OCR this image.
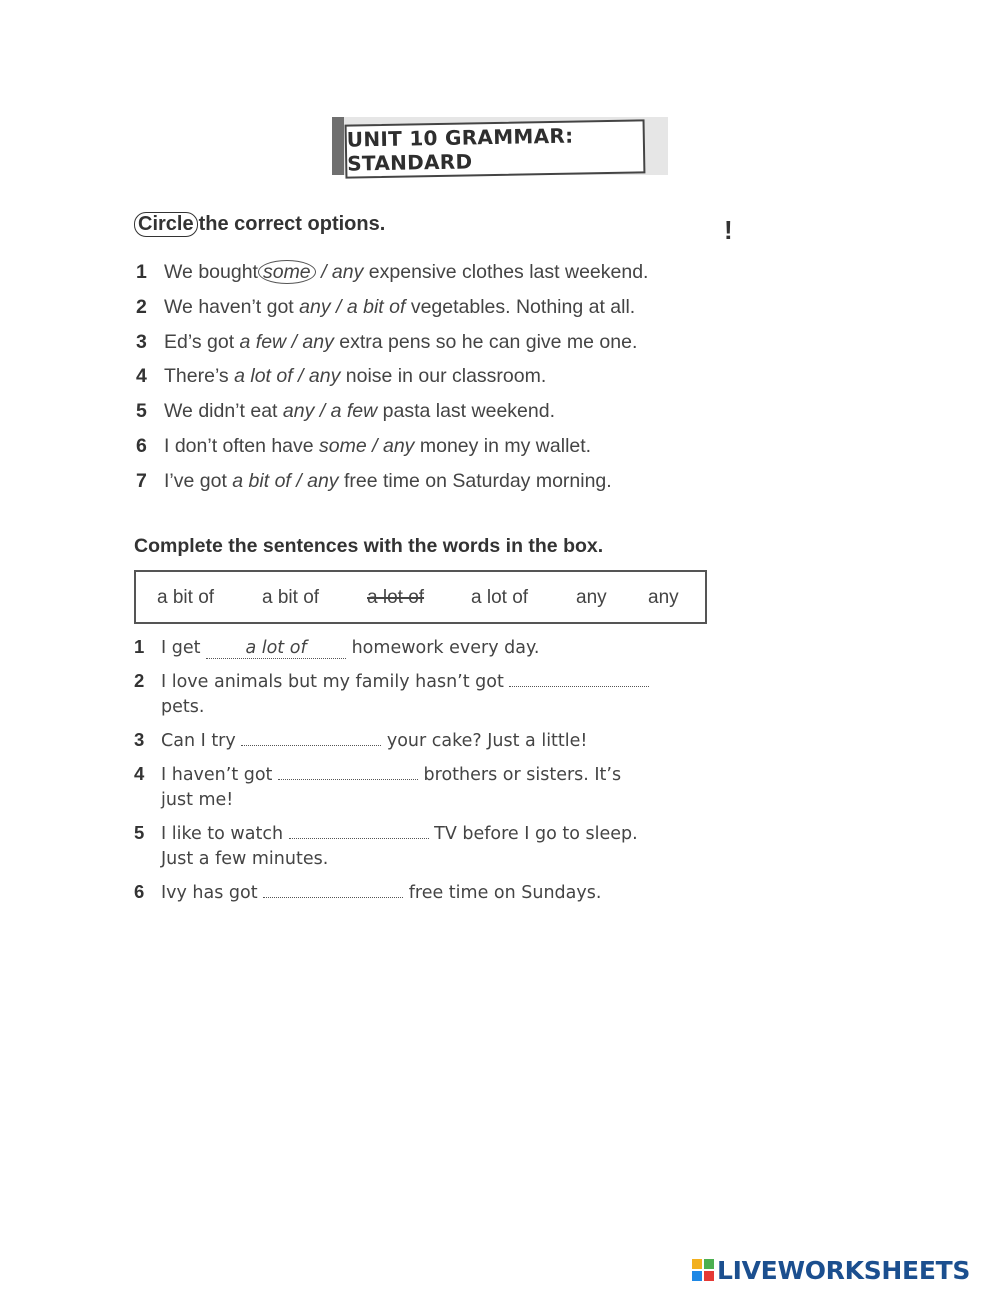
UNIT 10 GRAMMAR: STANDARD
Circle the correct options.	!
1 We bought some / any expensive clothes last weekend.
2 We haven’t got any / a bit of vegetables. Nothing at all.
3 Ed’s got a few / any extra pens so he can give me one.
4 There’s a lot of / any noise in our classroom.
5 We didn’t eat any / a few pasta last weekend.
6 I don’t often have some / any money in my wallet.
7 I’ve got a bit of / any free time on Saturday morning.
Complete the sentences with the words in the box.
a bit of	a bit of	a lot of a lot of	any any
1 I get a lot of homework every day.
2 I love animals but my family hasn’t got
pets.
3 Can I try	your cake? Just a little!
4 I haven’t got	brothers or sisters. It’s
just me!
5 I like to watch	TV before I go to sleep.
Just a few minutes.
6 Ivy has got	free time on Sundays.
LIVEWORKSHEETS
